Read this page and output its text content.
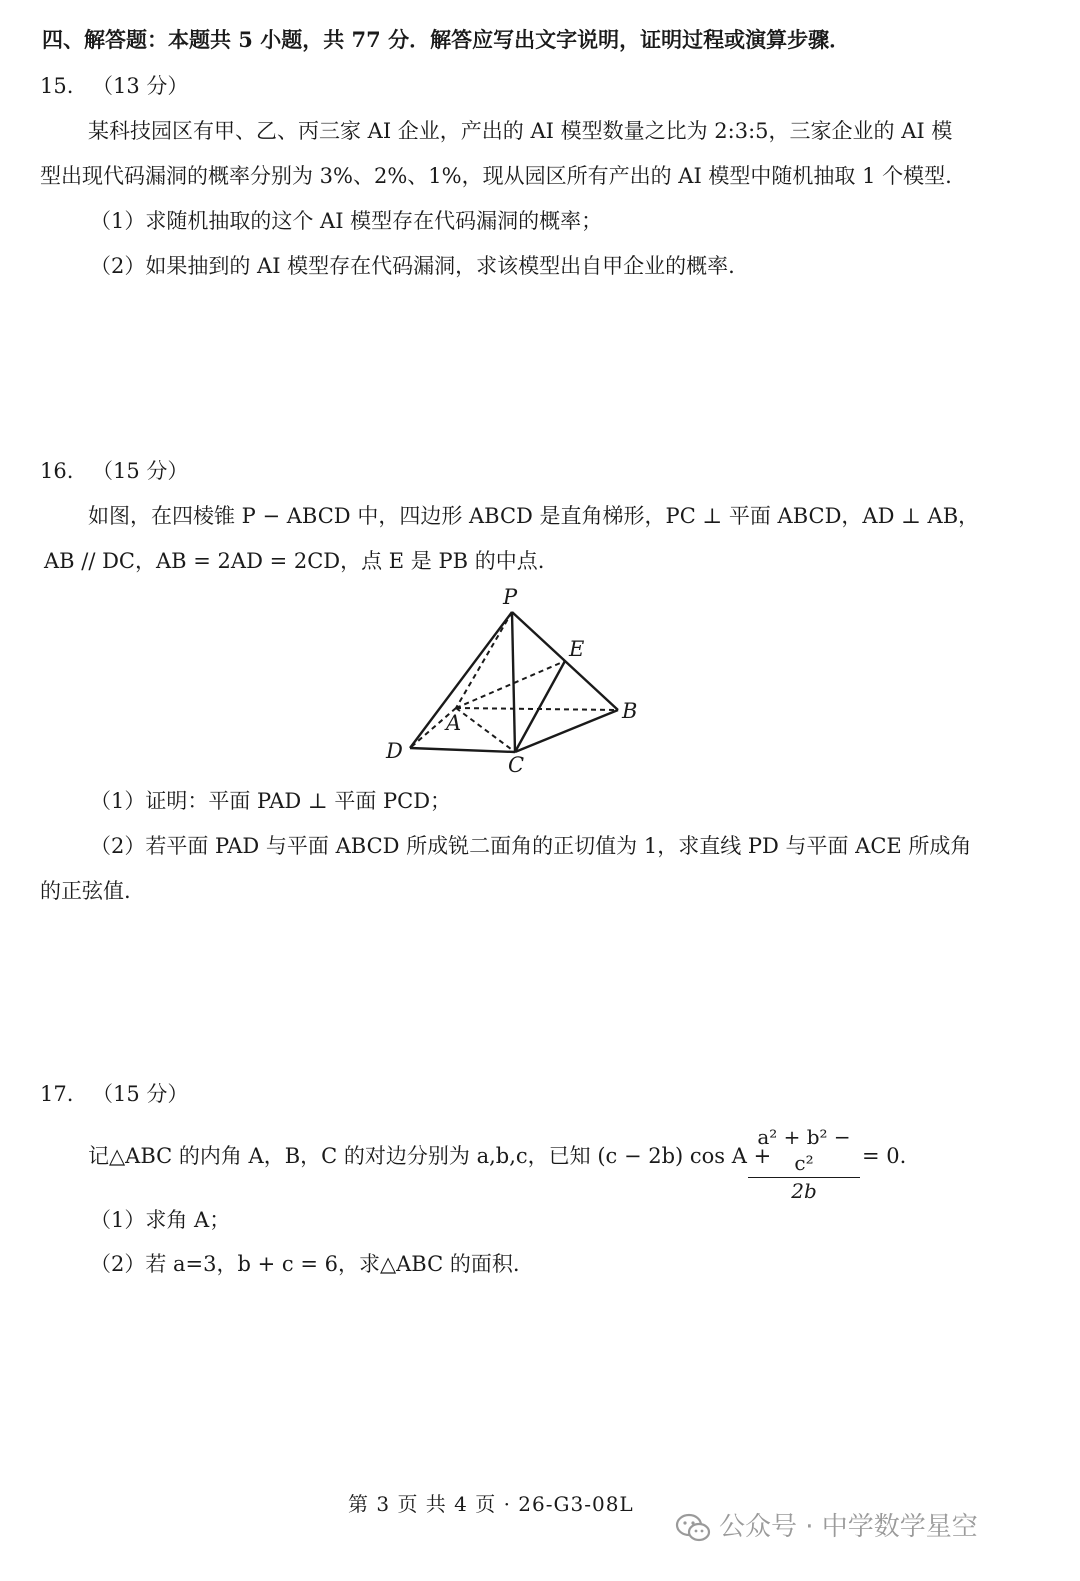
四、解答题：本题共 5 小题，共 77 分．解答应写出文字说明，证明过程或演算步骤．
15. （13 分）
某科技园区有甲、乙、丙三家 AI 企业，产出的 AI 模型数量之比为 2:3:5，三家企业的 AI 模
型出现代码漏洞的概率分别为 3%、2%、1%，现从园区所有产出的 AI 模型中随机抽取 1 个模型.
（1）求随机抽取的这个 AI 模型存在代码漏洞的概率；
（2）如果抽到的 AI 模型存在代码漏洞，求该模型出自甲企业的概率.
16. （15 分）
如图，在四棱锥 P − ABCD 中，四边形 ABCD 是直角梯形，PC ⊥ 平面 ABCD，AD ⊥ AB，
AB // DC，AB = 2AD = 2CD，点 E 是 PB 的中点.
P
E
A	B
C
D
（1）证明：平面 PAD ⊥ 平面 PCD；
（2）若平面 PAD 与平面 ABCD 所成锐二面角的正切值为 1，求直线 PD 与平面 ACE 所成角
的正弦值.
17. （15 分）
记△ABC 的内角 A，B，C 的对边分别为 a,b,c，已知 (c − 2b) cos A +
a² + b² − c²
2b
= 0.
（1）求角 A；
（2）若 a=3，b + c = 6，求△ABC 的面积.
第 3 页 共 4 页 · 26-G3-08L
公众号 · 中学数学星空
